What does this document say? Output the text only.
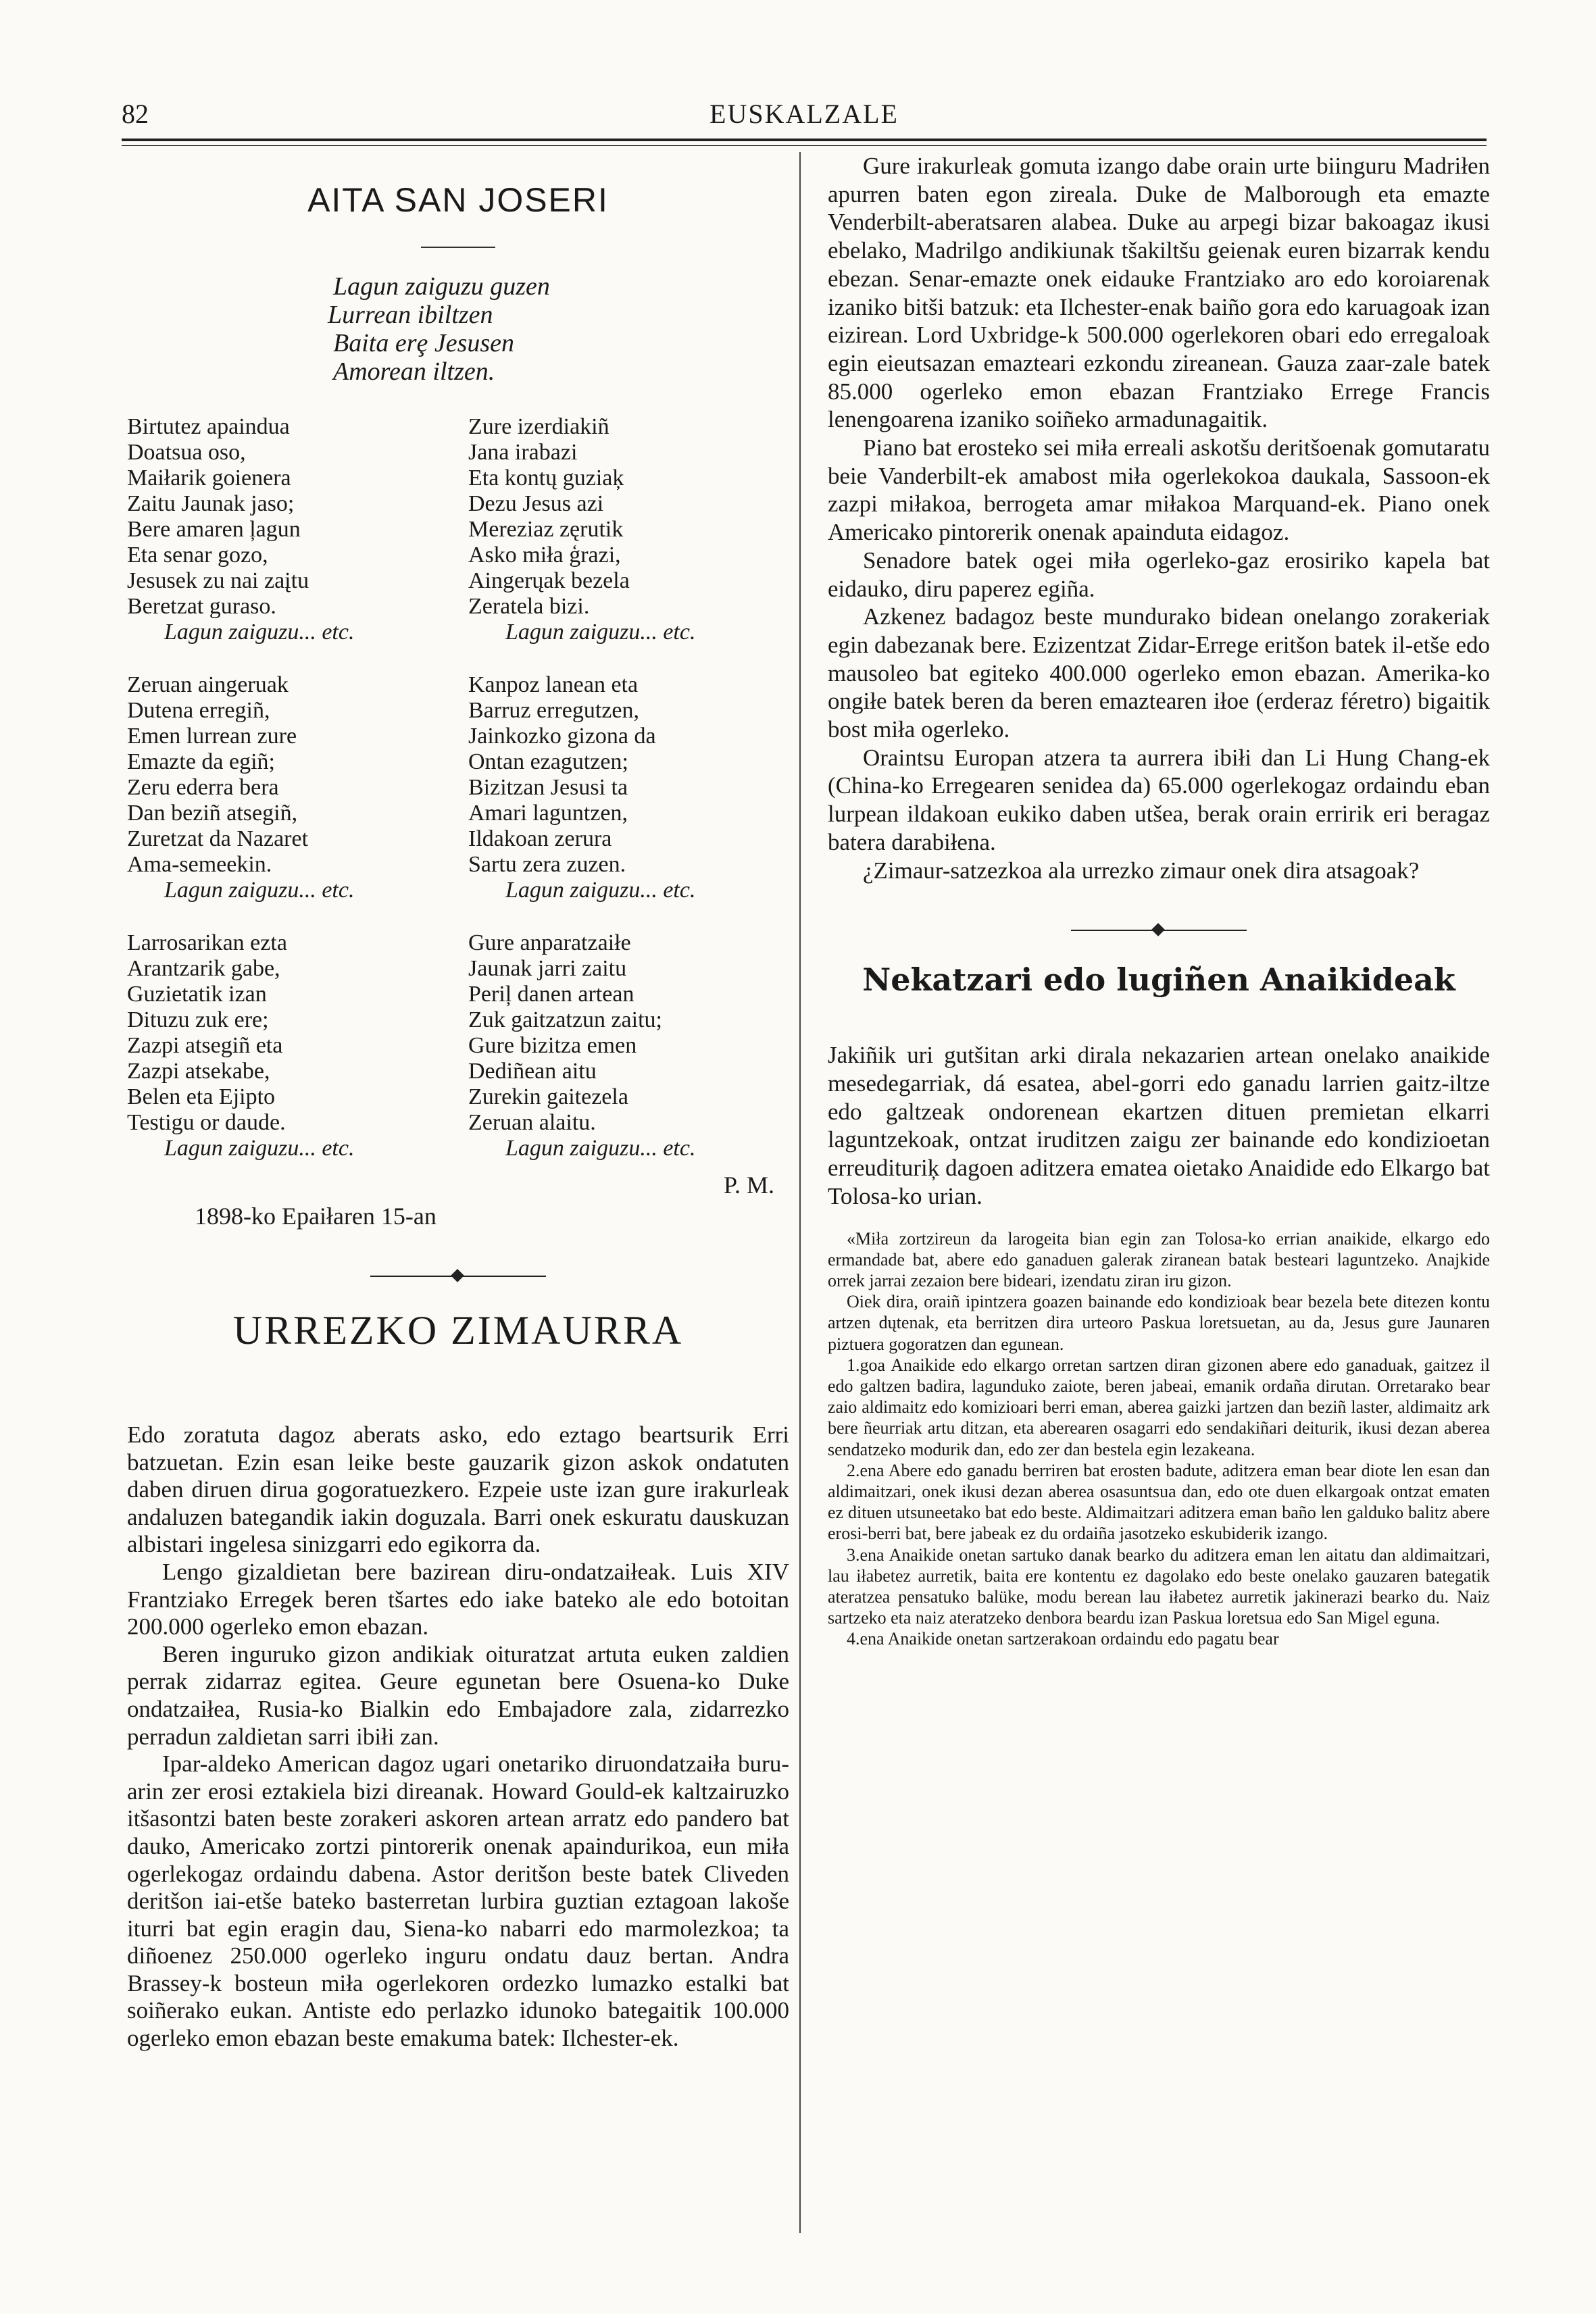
82	EUSKALZALE
AITA SAN JOSERI
Lagun zaiguzu guzen
Lurrean ibiltzen
Baita erȩ Jesusen
Amorean iltzen.
Birtutez apaindua
Doatsua oso,
Maiłarik goienera
Zaitu Jaunak jaso;
Bere amaren ļagun
Eta senar gozo,
Jesusek zu nai zaįtu
Beretzat guraso.
Lagun zaiguzu... etc.
Zure izerdiakiñ
Jana irabazi
Eta kontų guziaķ
Dezu Jesus azi
Mereziaz zęrutik
Asko miła ģrazi,
Aingerųak bezela
Zeratela bizi.
Lagun zaiguzu... etc.
Zeruan aingeruak
Dutena erregiñ,
Emen lurrean zure
Emazte da egiñ;
Zeru ederra bera
Dan beziñ atsegiñ,
Zuretzat da Nazaret
Ama-semeekin.
Lagun zaiguzu... etc.
Kanpoz lanean eta
Barruz erregutzen,
Jainkozko gizona da
Ontan ezagutzen;
Bizitzan Jesusi ta
Amari laguntzen,
Ildakoan zerura
Sartu zera zuzen.
Lagun zaiguzu... etc.
Larrosarikan ezta
Arantzarik gabe,
Guzietatik izan
Dituzu zuk ere;
Zazpi atsegiñ eta
Zazpi atsekabe,
Belen eta Ejipto
Testigu or daude.
Lagun zaiguzu... etc.
Gure anparatzaiłe
Jaunak jarri zaitu
Periļ danen artean
Zuk gaitzatzun zaitu;
Gure bizitza emen
Dediñean aitu
Zurekin gaitezela
Zeruan alaitu.
Lagun zaiguzu... etc.
P. M.
1898-ko Epaiłaren 15-an
URREZKO ZIMAURRA

Edo zoratuta dagoz aberats asko, edo eztago beartsurik Erri batzuetan. Ezin esan leike beste gauzarik gizon askok ondatuten daben diruen dirua gogoratuezkero. Ezpeie uste izan gure irakurleak andaluzen bategandik iakin doguzala. Barri onek eskuratu dauskuzan albistari ingelesa sinizgarri edo egikorra da.

Lengo gizaldietan bere bazirean diru-ondatzaiłeak. Luis XIV Frantziako Erregek beren tšartes edo iake bateko ale edo botoitan 200.000 ogerleko emon ebazan.

Beren inguruko gizon andikiak oituratzat artuta euken zaldien perrak zidarraz egitea. Geure egunetan bere Osuena-ko Duke ondatzaiłea, Rusia-ko Bialkin edo Embajadore zala, zidarrezko perradun zaldietan sarri ibiłi zan.

Ipar-aldeko American dagoz ugari onetariko diruondatzaiła buru-arin zer erosi eztakiela bizi direanak. Howard Gould-ek kaltzairuzko itšasontzi baten beste zorakeri askoren artean arratz edo pandero bat dauko, Americako zortzi pintorerik onenak apaindurikoa, eun miła ogerlekogaz ordaindu dabena. Astor deritšon beste batek Cliveden deritšon iai-etše bateko basterretan lurbira guztian eztagoan lakoše iturri bat egin eragin dau, Siena-ko nabarri edo marmolezkoa; ta diñoenez 250.000 ogerleko inguru ondatu dauz bertan. Andra Brassey-k bosteun miła ogerlekoren ordezko lumazko estalki bat soiñerako eukan. Antiste edo perlazko idunoko bategaitik 100.000 ogerleko emon ebazan beste emakuma batek: Ilchester-ek.

Gure irakurleak gomuta izango dabe orain urte biinguru Madriłen apurren baten egon zireala. Duke de Malborough eta emazte Venderbilt-aberatsaren alabea. Duke au arpegi bizar bakoagaz ikusi ebelako, Madrilgo andikiunak tšakiltšu geienak euren bizarrak kendu ebezan. Senar-emazte onek eidauke Frantziako aro edo koroiarenak izaniko bitši batzuk: eta Ilchester-enak baiño gora edo karuagoak izan eizirean. Lord Uxbridge-k 500.000 ogerlekoren obari edo erregaloak egin eieutsazan emazteari ezkondu zireanean. Gauza zaar-zale batek 85.000 ogerleko emon ebazan Frantziako Errege Francis lenengoarena izaniko soiñeko armadunagaitik.

Piano bat erosteko sei miła erreali askotšu deritšoenak gomutaratu beie Vanderbilt-ek amabost miła ogerlekokoa daukala, Sassoon-ek zazpi miłakoa, berrogeta amar miłakoa Marquand-ek. Piano onek Americako pintorerik onenak apainduta eidagoz.

Senadore batek ogei miła ogerleko-gaz erosiriko kapela bat eidauko, diru paperez egiña.

Azkenez badagoz beste mundurako bidean onelango zorakeriak egin dabezanak bere. Ezizentzat Zidar-Errege eritšon batek il-etše edo mausoleo bat egiteko 400.000 ogerleko emon ebazan. Amerika-ko ongiłe batek beren da beren emaztearen iłoe (erderaz féretro) bigaitik bost miła ogerleko.

Oraintsu Europan atzera ta aurrera ibiłi dan Li Hung Chang-ek (China-ko Erregearen senidea da) 65.000 ogerlekogaz ordaindu eban lurpean ildakoan eukiko daben utšea, berak orain erririk eri beragaz batera darabiłena.

¿Zimaur-satzezkoa ala urrezko zimaur onek dira atsagoak?

Nekatzari edo lugiñen Anaikideak

Jakiñik uri gutšitan arki dirala nekazarien artean onelako anaikide mesedegarriak, dá esatea, abel-gorri edo ganadu larrien gaitz-iltze edo galtzeak ondorenean ekartzen dituen premietan elkarri laguntzekoak, ontzat iruditzen zaigu zer bainande edo kondizioetan erreudituriķ dagoen aditzera ematea oietako Anaidide edo Elkargo bat Tolosa-ko urian.

«Miła zortzireun da larogeita bian egin zan Tolosa-ko errian anaikide, elkargo edo ermandade bat, abere edo ganaduen galerak ziranean batak besteari laguntzeko. Anajkide orrek jarrai zezaion bere bideari, izendatu ziran iru gizon.

Oiek dira, oraiñ ipintzera goazen bainande edo kondizioak bear bezela bete ditezen kontu artzen dųtenak, eta berritzen dira urteoro Paskua loretsuetan, au da, Jesus gure Jaunaren piztuera gogoratzen dan egunean.

1.goa Anaikide edo elkargo orretan sartzen diran gizonen abere edo ganaduak, gaitzez il edo galtzen badira, lagunduko zaiote, beren jabeai, emanik ordaña dirutan. Orretarako bear zaio aldimaitz edo komizioari berri eman, aberea gaizki jartzen dan beziñ laster, aldimaitz ark bere ñeurriak artu ditzan, eta aberearen osagarri edo sendakiñari deiturik, ikusi dezan aberea sendatzeko modurik dan, edo zer dan bestela egin lezakeana.

2.ena Abere edo ganadu berriren bat erosten badute, aditzera eman bear diote len esan dan aldimaitzari, onek ikusi dezan aberea osasuntsua dan, edo ote duen elkargoak ontzat ematen ez dituen utsuneetako bat edo beste. Aldimaitzari aditzera eman baño len galduko balitz abere erosi-berri bat, bere jabeak ez du ordaiña jasotzeko eskubiderik izango.

3.ena Anaikide onetan sartuko danak bearko du aditzera eman len aitatu dan aldimaitzari, lau iłabetez aurretik, baita ere kontentu ez dagolako edo beste onelako gauzaren bategatik ateratzea pensatuko balüke, modu berean lau iłabetez aurretik jakinerazi bearko du. Naiz sartzeko eta naiz ateratzeko denbora beardu izan Paskua loretsua edo San Migel eguna.

4.ena Anaikide onetan sartzerakoan ordaindu edo pagatu bear
